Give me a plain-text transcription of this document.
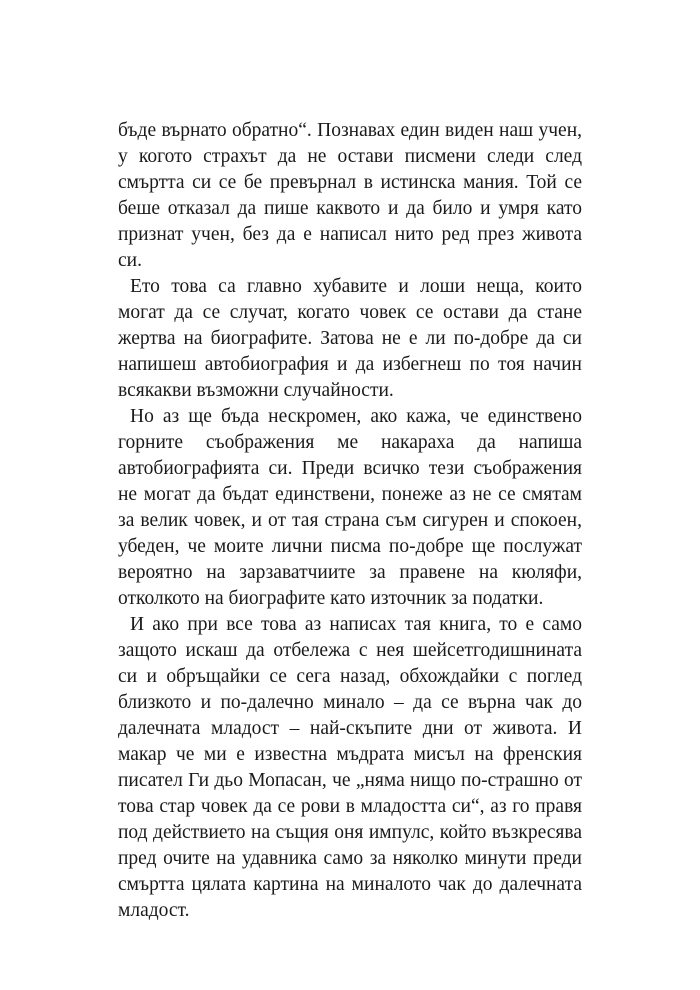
бъде върнато обратно“. Познавах един виден наш учен, у когото страхът да не остави писмени следи след смъртта си се бе превърнал в истинска мания. Той се беше отказал да пише каквото и да било и умря като признат учен, без да е написал нито ред през живота си.

Ето това са главно хубавите и лоши неща, които могат да се случат, когато човек се остави да стане жертва на биографите. Затова не е ли по-добре да си напишеш автобиография и да избегнеш по тоя начин всякакви възможни случайности.

Но аз ще бъда нескромен, ако кажа, че единствено горните съображения ме накараха да напиша автобиографията си. Преди всичко тези съображения не могат да бъдат единствени, понеже аз не се смятам за велик човек, и от тая страна съм сигурен и спокоен, убеден, че моите лични писма по-добре ще послужат вероятно на зарзаватчиите за правене на кюляфи, отколкото на биографите като източник за податки.

И ако при все това аз написах тая книга, то е само защото искаш да отбележа с нея шейсетгодишнината си и обръщайки се сега назад, обхождайки с поглед близкото и по-далечно минало – да се върна чак до далечната младост – най-скъпите дни от живота. И макар че ми е известна мъдрата мисъл на френския писател Ги дьо Мопасан, че „няма нищо по-страшно от това стар човек да се рови в младостта си“, аз го правя под действието на същия оня импулс, който възкресява пред очите на удавника само за няколко минути преди смъртта цялата картина на миналото чак до далечната младост.
